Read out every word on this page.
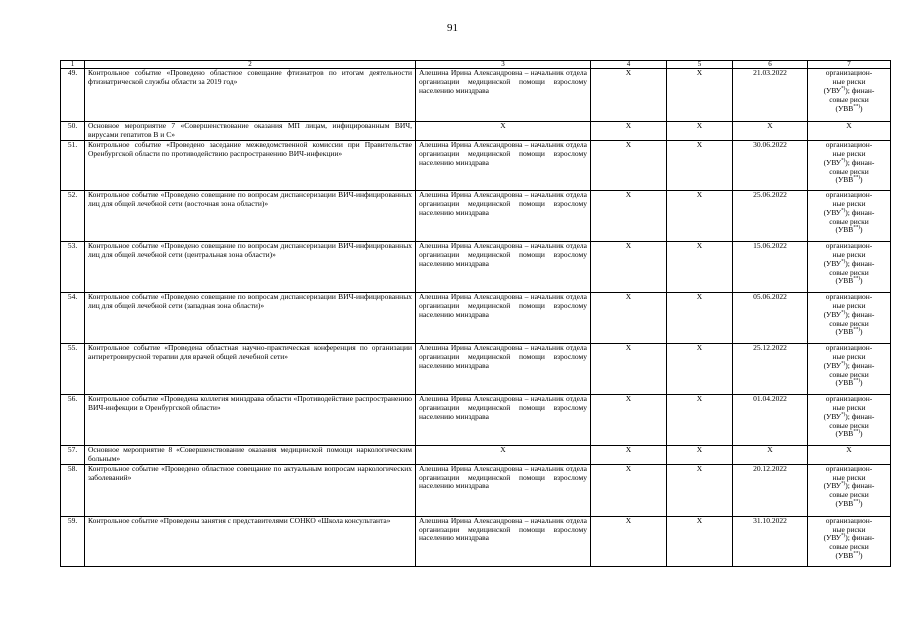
91
1	2	3	4	5	6	7
49.	Контрольное событие «Проведено областное совещание фтизиатров по итогам деятельности фтизиатрической службы области за 2019 год»	Алешина Ирина Александровна – начальник отдела организации медицинской помощи взрослому населению минздрава	Х	Х	21.03.2022	организацион-
ные риски
(УВУ*)); финан-
совые риски
(УВВ**))
50.	Основное мероприятие 7 «Совершенствование оказания МП лицам, инфицированным ВИЧ, вирусами гепатитов В и С»	Х	Х	Х	Х	Х
51.	Контрольное событие «Проведено заседание межведомственной комиссии при Правительстве Оренбургской области по противодействию распространению ВИЧ-инфекции»	Алешина Ирина Александровна – начальник отдела организации медицинской помощи взрослому населению минздрава	Х	Х	30.06.2022	организацион-
ные риски
(УВУ*)); финан-
совые риски
(УВВ**))
52.	Контрольное событие «Проведено совещание по вопросам диспансеризации ВИЧ-инфицированных лиц для общей лечебной сети (восточная зона области)»	Алешина Ирина Александровна – начальник отдела организации медицинской помощи взрослому населению минздрава	Х	Х	25.06.2022	организацион-
ные риски
(УВУ*)); финан-
совые риски
(УВВ**))
53.	Контрольное событие «Проведено совещание по вопросам диспансеризации ВИЧ-инфицированных лиц для общей лечебной сети (центральная зона области)»	Алешина Ирина Александровна – начальник отдела организации медицинской помощи взрослому населению минздрава	Х	Х	15.06.2022	организацион-
ные риски
(УВУ*)); финан-
совые риски
(УВВ**))
54.	Контрольное событие «Проведено совещание по вопросам диспансеризации ВИЧ-инфицированных лиц для общей лечебной сети (западная зона области)»	Алешина Ирина Александровна – начальник отдела организации медицинской помощи взрослому населению минздрава	Х	Х	05.06.2022	организацион-
ные риски
(УВУ*)); финан-
совые риски
(УВВ**))
55.	Контрольное событие «Проведена областная научно-практическая конференция по организации антиретровирусной терапии для врачей общей лечебной сети»	Алешина Ирина Александровна – начальник отдела организации медицинской помощи взрослому населению минздрава	Х	Х	25.12.2022	организацион-
ные риски
(УВУ*)); финан-
совые риски
(УВВ**))
56.	Контрольное событие «Проведена коллегия минздрава области «Противодействие распространению ВИЧ-инфекции в Оренбургской области»	Алешина Ирина Александровна – начальник отдела организации медицинской помощи взрослому населению минздрава	Х	Х	01.04.2022	организацион-
ные риски
(УВУ*)); финан-
совые риски
(УВВ**))
57.	Основное мероприятие 8 «Совершенствование оказания медицинской помощи наркологическим больным»	Х	Х	Х	Х	Х
58.	Контрольное событие «Проведено областное совещание по актуальным вопросам наркологических заболеваний»	Алешина Ирина Александровна – начальник отдела организации медицинской помощи взрослому населению минздрава	Х	Х	20.12.2022	организацион-
ные риски
(УВУ*)); финан-
совые риски
(УВВ**))
59.	Контрольное событие «Проведены занятия с представителями СОНКО «Школа консультанта»	Алешина Ирина Александровна – начальник отдела организации медицинской помощи взрослому населению минздрава	Х	Х	31.10.2022	организацион-
ные риски
(УВУ*)); финан-
совые риски
(УВВ**))
